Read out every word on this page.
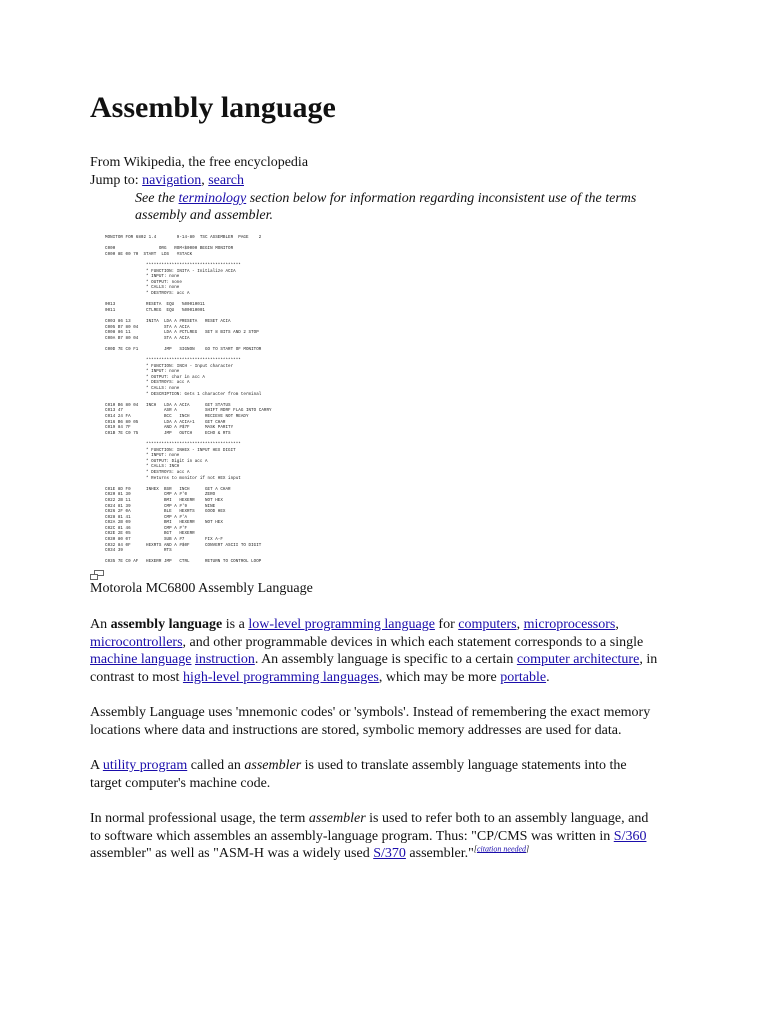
Assembly language
From Wikipedia, the free encyclopedia
Jump to: navigation, search
See the terminology section below for information regarding inconsistent use of the terms assembly and assembler.
MONITOR FOR 6802 1.4        9-14-80  TSC ASSEMBLER  PAGE    2

C000                 ORG   ROM+$0000 BEGIN MONITOR
C000 8E 00 70  START  LDS   #STACK

*************************************
* FUNCTION: INITA - Initialize ACIA
* INPUT: none
* OUTPUT: none
* CALLS: none
* DESTROYS: acc A

0013            RESETA  EQU   %00010011
0011            CTLREG  EQU   %00010001

C003 86 13      INITA  LDA A #RESETA   RESET ACIA
C005 B7 80 04          STA A ACIA
C008 86 11             LDA A #CTLREG   SET 8 BITS AND 2 STOP
C00A B7 80 04          STA A ACIA

C00D 7E C0 F1          JMP   SIGNON    GO TO START OF MONITOR

*************************************
* FUNCTION: INCH - Input character
* INPUT: none
* OUTPUT: char in acc A
* DESTROYS: acc A
* CALLS: none
* DESCRIPTION: Gets 1 character from terminal

C010 B6 80 04   INCH   LDA A ACIA      GET STATUS
C013 47                ASR A           SHIFT RDRF FLAG INTO CARRY
C014 24 FA             BCC   INCH      RECIEVE NOT READY
C016 B6 80 05          LDA A ACIA+1    GET CHAR
C019 84 7F             AND A #$7F      MASK PARITY
C01B 7E C0 75          JMP   OUTCH     ECHO & RTS

*************************************
* FUNCTION: INHEX - INPUT HEX DIGIT
* INPUT: none
* OUTPUT: Digit in acc A
* CALLS: INCH
* DESTROYS: acc A
* Returns to monitor if not HEX input

C01E 8D F0      INHEX  BSR   INCH      GET A CHAR
C020 81 30             CMP A #'0       ZERO
C022 2B 11             BMI   HEXERR    NOT HEX
C024 81 39             CMP A #'9       NINE
C026 2F 0A             BLE   HEXRTS    GOOD HEX
C028 81 41             CMP A #'A
C02A 2B 09             BMI   HEXERR    NOT HEX
C02C 81 46             CMP A #'F
C02E 2E 05             BGT   HEXERR
C030 80 07             SUB A #7        FIX A-F
C032 84 0F      HEXRTS AND A #$0F      CONVERT ASCII TO DIGIT
C034 39                RTS

C035 7E C0 AF   HEXERR JMP   CTRL      RETURN TO CONTROL LOOP
Motorola MC6800 Assembly Language

An assembly language is a low-level programming language for computers, microprocessors, microcontrollers, and other programmable devices in which each statement corresponds to a single machine language instruction. An assembly language is specific to a certain computer architecture, in contrast to most high-level programming languages, which may be more portable.

Assembly Language uses 'mnemonic codes' or 'symbols'. Instead of remembering the exact memory locations where data and instructions are stored, symbolic memory addresses are used for data.

A utility program called an assembler is used to translate assembly language statements into the target computer's machine code.

In normal professional usage, the term assembler is used to refer both to an assembly language, and to software which assembles an assembly-language program. Thus: "CP/CMS was written in S/360 assembler" as well as "ASM-H was a widely used S/370 assembler."[citation needed]
